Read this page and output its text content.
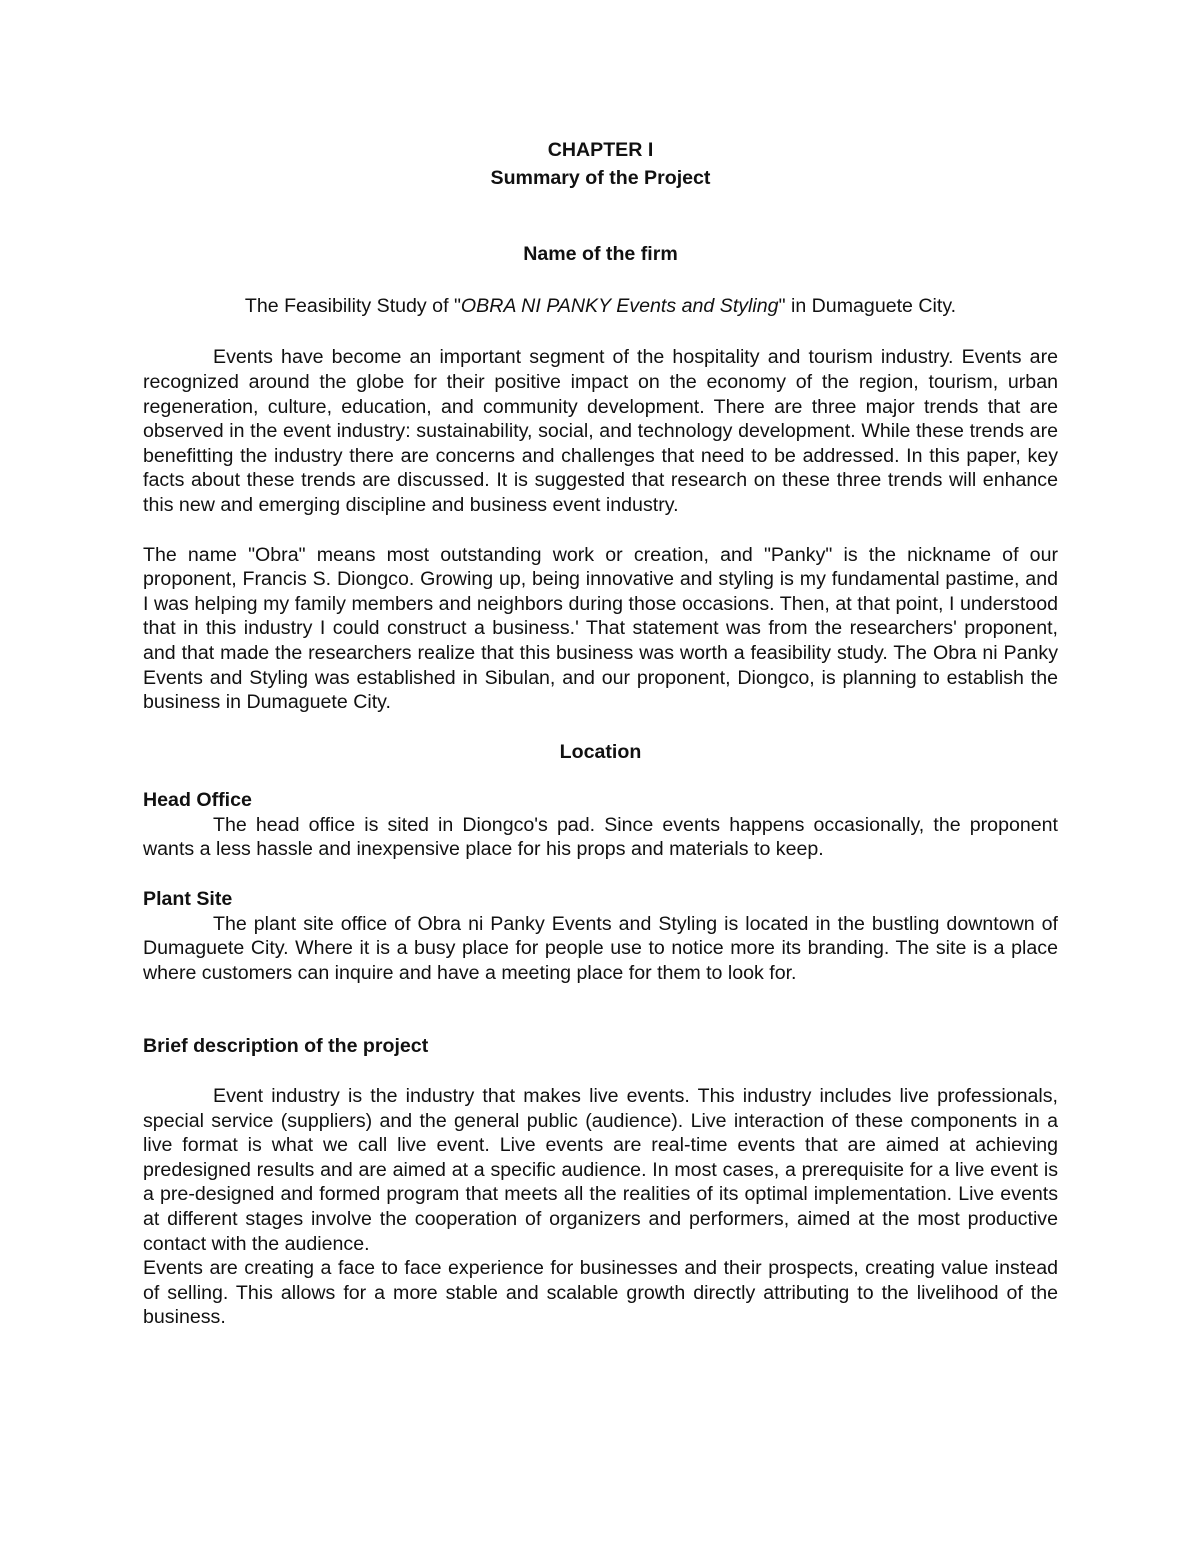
CHAPTER I

Summary of the Project

Name of the firm

The Feasibility Study of "OBRA NI PANKY Events and Styling" in Dumaguete City.

Events have become an important segment of the hospitality and tourism industry. Events are recognized around the globe for their positive impact on the economy of the region, tourism, urban regeneration, culture, education, and community development. There are three major trends that are observed in the event industry: sustainability, social, and technology development. While these trends are benefitting the industry there are concerns and challenges that need to be addressed. In this paper, key facts about these trends are discussed. It is suggested that research on these three trends will enhance this new and emerging discipline and business event industry.

The name "Obra" means most outstanding work or creation, and "Panky" is the nickname of our proponent, Francis S. Diongco. Growing up, being innovative and styling is my fundamental pastime, and I was helping my family members and neighbors during those occasions. Then, at that point, I understood that in this industry I could construct a business.' That statement was from the researchers' proponent, and that made the researchers realize that this business was worth a feasibility study. The Obra ni Panky Events and Styling was established in Sibulan, and our proponent, Diongco, is planning to establish the business in Dumaguete City.

Location

Head Office

The head office is sited in Diongco's pad. Since events happens occasionally, the proponent wants a less hassle and inexpensive place for his props and materials to keep.

Plant Site

The plant site office of Obra ni Panky Events and Styling is located in the bustling downtown of Dumaguete City. Where it is a busy place for people use to notice more its branding. The site is a place where customers can inquire and have a meeting place for them to look for.

Brief description of the project

Event industry is the industry that makes live events. This industry includes live professionals, special service (suppliers) and the general public (audience). Live interaction of these components in a live format is what we call live event. Live events are real-time events that are aimed at achieving predesigned results and are aimed at a specific audience. In most cases, a prerequisite for a live event is a pre-designed and formed program that meets all the realities of its optimal implementation. Live events at different stages involve the cooperation of organizers and performers, aimed at the most productive contact with the audience.

Events are creating a face to face experience for businesses and their prospects, creating value instead of selling. This allows for a more stable and scalable growth directly attributing to the livelihood of the business.
